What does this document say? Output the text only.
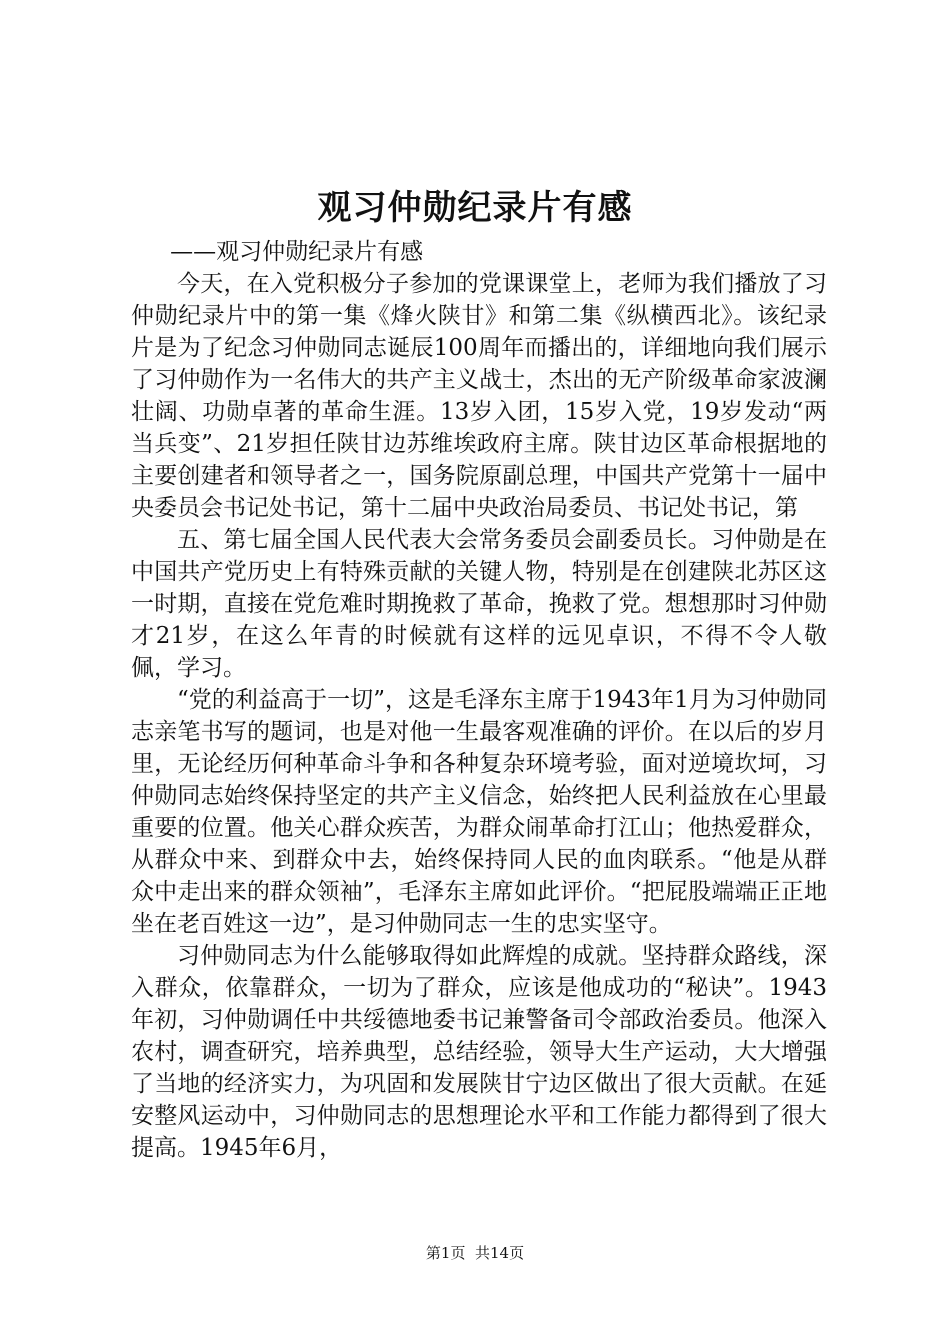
观习仲勋纪录片有感

——观习仲勋纪录片有感

今天，在入党积极分子参加的党课课堂上，老师为我们播放了习仲勋纪录片中的第一集《烽火陕甘》和第二集《纵横西北》。该纪录片是为了纪念习仲勋同志诞辰100周年而播出的，详细地向我们展示了习仲勋作为一名伟大的共产主义战士，杰出的无产阶级革命家波澜壮阔、功勋卓著的革命生涯。13岁入团，15岁入党，19岁发动“两当兵变”、21岁担任陕甘边苏维埃政府主席。陕甘边区革命根据地的主要创建者和领导者之一，国务院原副总理，中国共产党第十一届中央委员会书记处书记，第十二届中央政治局委员、书记处书记，第

五、第七届全国人民代表大会常务委员会副委员长。习仲勋是在中国共产党历史上有特殊贡献的关键人物，特别是在创建陕北苏区这一时期，直接在党危难时期挽救了革命，挽救了党。想想那时习仲勋才21岁，在这么年青的时候就有这样的远见卓识，不得不令人敬佩，学习。

“党的利益高于一切”，这是毛泽东主席于1943年1月为习仲勋同志亲笔书写的题词，也是对他一生最客观准确的评价。在以后的岁月里，无论经历何种革命斗争和各种复杂环境考验，面对逆境坎坷，习仲勋同志始终保持坚定的共产主义信念，始终把人民利益放在心里最重要的位置。他关心群众疾苦，为群众闹革命打江山；他热爱群众，从群众中来、到群众中去，始终保持同人民的血肉联系。“他是从群众中走出来的群众领袖”，毛泽东主席如此评价。“把屁股端端正正地坐在老百姓这一边”，是习仲勋同志一生的忠实坚守。

习仲勋同志为什么能够取得如此辉煌的成就。坚持群众路线，深入群众，依靠群众，一切为了群众，应该是他成功的“秘诀”。1943年初，习仲勋调任中共绥德地委书记兼警备司令部政治委员。他深入农村，调查研究，培养典型，总结经验，领导大生产运动，大大增强了当地的经济实力，为巩固和发展陕甘宁边区做出了很大贡献。在延安整风运动中，习仲勋同志的思想理论水平和工作能力都得到了很大提高。1945年6月，

第1页 共14页
